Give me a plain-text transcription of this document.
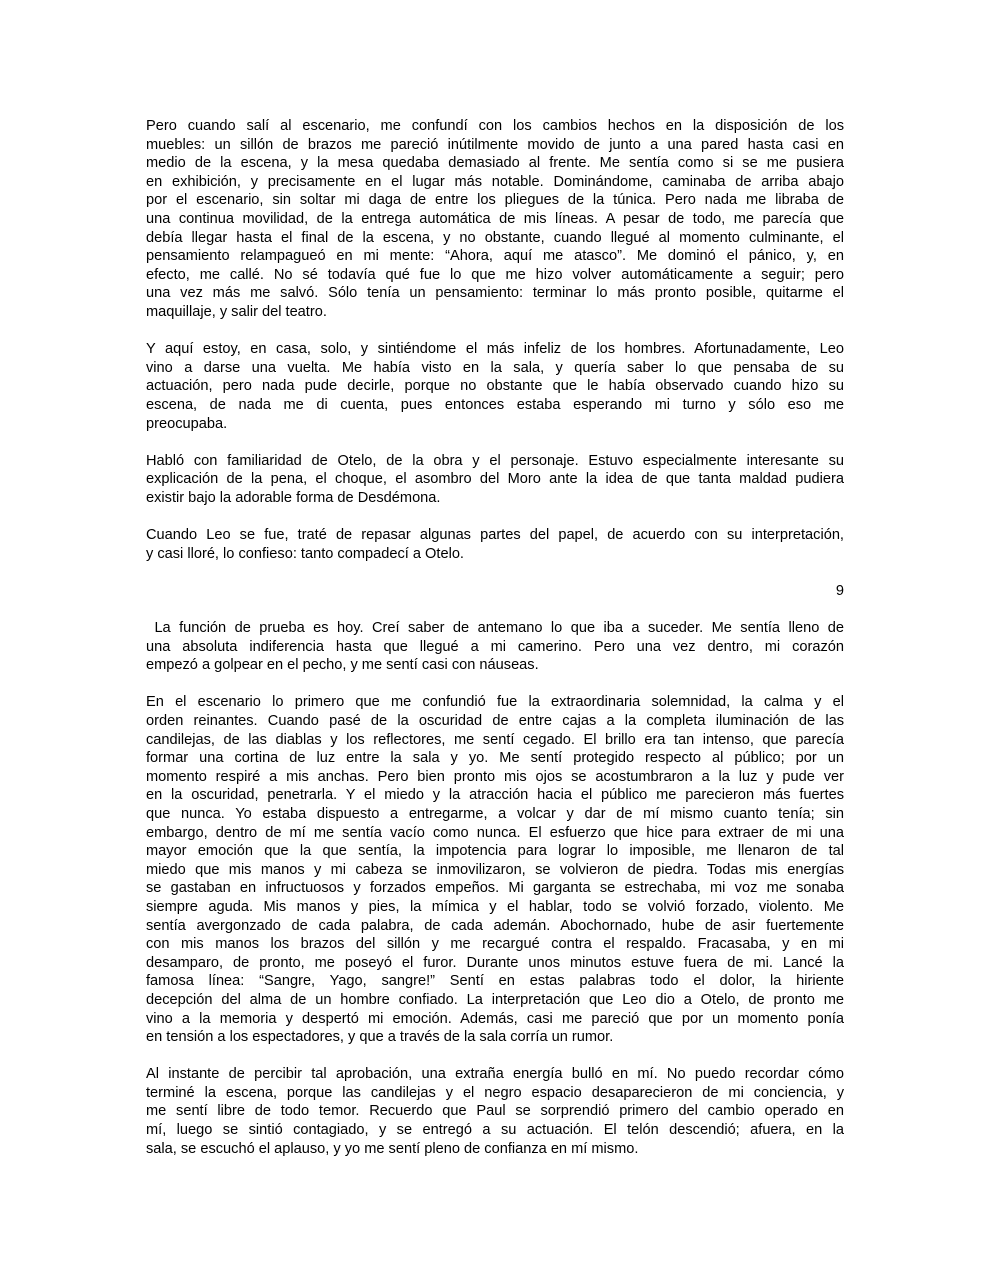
Pero cuando salí al escenario, me confundí con los cambios hechos en la disposición de los
muebles: un sillón de brazos me pareció inútilmente movido de junto a una pared hasta casi en
medio de la escena, y la mesa quedaba demasiado al frente. Me sentía como si se me pusiera
en exhibición, y precisamente en el lugar más notable. Dominándome, caminaba de arriba abajo
por el escenario, sin soltar mi daga de entre los pliegues de la túnica. Pero nada me libraba de
una continua movilidad, de la entrega automática de mis líneas. A pesar de todo, me parecía que
debía llegar hasta el final de la escena, y no obstante, cuando llegué al momento culminante, el
pensamiento relampagueó en mi mente: “Ahora, aquí me atasco”. Me dominó el pánico, y, en
efecto, me callé. No sé todavía qué fue lo que me hizo volver automáticamente a seguir; pero
una vez más me salvó. Sólo tenía un pensamiento: terminar lo más pronto posible, quitarme el
maquillaje, y salir del teatro.
Y aquí estoy, en casa, solo, y sintiéndome el más infeliz de los hombres. Afortunadamente, Leo
vino a darse una vuelta. Me había visto en la sala, y quería saber lo que pensaba de su
actuación, pero nada pude decirle, porque no obstante que le había observado cuando hizo su
escena, de nada me di cuenta, pues entonces estaba esperando mi turno y sólo eso me
preocupaba.
Habló con familiaridad de Otelo, de la obra y el personaje. Estuvo especialmente interesante su
explicación de la pena, el choque, el asombro del Moro ante la idea de que tanta maldad pudiera
existir bajo la adorable forma de Desdémona.
Cuando Leo se fue, traté de repasar algunas partes del papel, de acuerdo con su interpretación,
y casi lloré, lo confieso: tanto compadecí a Otelo.
9
La función de prueba es hoy. Creí saber de antemano lo que iba a suceder. Me sentía lleno de
una absoluta indiferencia hasta que llegué a mi camerino. Pero una vez dentro, mi corazón
empezó a golpear en el pecho, y me sentí casi con náuseas.
En el escenario lo primero que me confundió fue la extraordinaria solemnidad, la calma y el
orden reinantes. Cuando pasé de la oscuridad de entre cajas a la completa iluminación de las
candilejas, de las diablas y los reflectores, me sentí cegado. El brillo era tan intenso, que parecía
formar una cortina de luz entre la sala y yo. Me sentí protegido respecto al público; por un
momento respiré a mis anchas. Pero bien pronto mis ojos se acostumbraron a la luz y pude ver
en la oscuridad, penetrarla. Y el miedo y la atracción hacia el público me parecieron más fuertes
que nunca. Yo estaba dispuesto a entregarme, a volcar y dar de mí mismo cuanto tenía; sin
embargo, dentro de mí me sentía vacío como nunca. El esfuerzo que hice para extraer de mi una
mayor emoción que la que sentía, la impotencia para lograr lo imposible, me llenaron de tal
miedo que mis manos y mi cabeza se inmovilizaron, se volvieron de piedra. Todas mis energías
se gastaban en infructuosos y forzados empeños. Mi garganta se estrechaba, mi voz me sonaba
siempre aguda. Mis manos y pies, la mímica y el hablar, todo se volvió forzado, violento. Me
sentía avergonzado de cada palabra, de cada ademán. Abochornado, hube de asir fuertemente
con mis manos los brazos del sillón y me recargué contra el respaldo. Fracasaba, y en mi
desamparo, de pronto, me poseyó el furor. Durante unos minutos estuve fuera de mi. Lancé la
famosa línea: “Sangre, Yago, sangre!” Sentí en estas palabras todo el dolor, la hiriente
decepción del alma de un hombre confiado. La interpretación que Leo dio a Otelo, de pronto me
vino a la memoria y despertó mi emoción. Además, casi me pareció que por un momento ponía
en tensión a los espectadores, y que a través de la sala corría un rumor.
Al instante de percibir tal aprobación, una extraña energía bulló en mí. No puedo recordar cómo
terminé la escena, porque las candilejas y el negro espacio desaparecieron de mi conciencia, y
me sentí libre de todo temor. Recuerdo que Paul se sorprendió primero del cambio operado en
mí, luego se sintió contagiado, y se entregó a su actuación. El telón descendió; afuera, en la
sala, se escuchó el aplauso, y yo me sentí pleno de confianza en mí mismo.
